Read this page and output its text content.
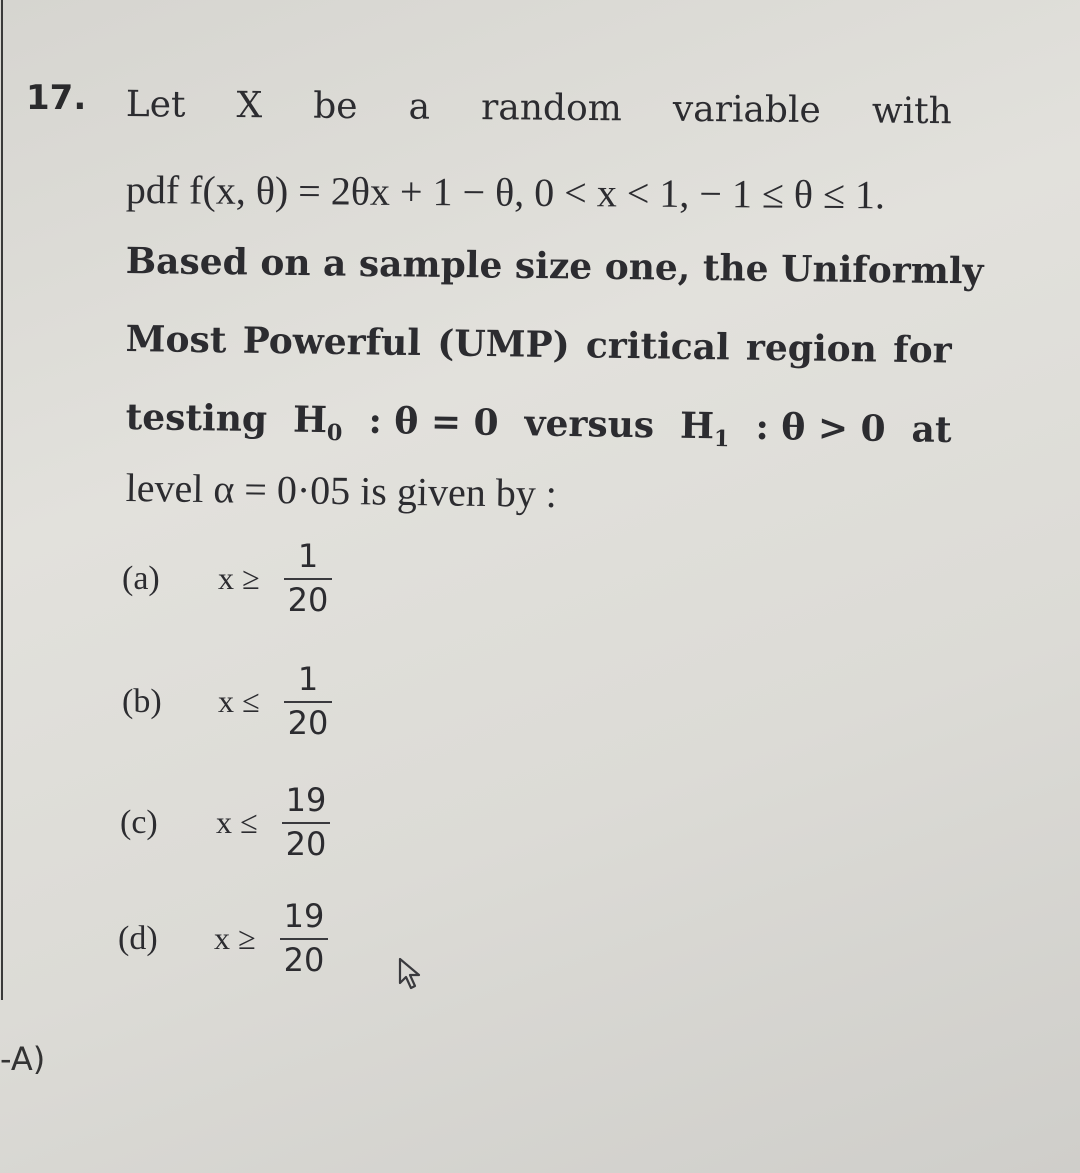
17. Let X be a random variable with
pdf f(x, θ) = 2θx + 1 − θ, 0 < x < 1, − 1 ≤ θ ≤ 1.
Based on a sample size one, the Uniformly
Most Powerful (UMP) critical region for
testing $H_0$ : θ = 0 versus $H_1$ : θ > 0 at
level α = 0·05 is given by :
(a)	$x \ge \frac{1}{20}$
(b)	$x \le \frac{1}{20}$
(c)	$x \le \frac{19}{20}$
(d)	$x \ge \frac{19}{20}$
-A)
